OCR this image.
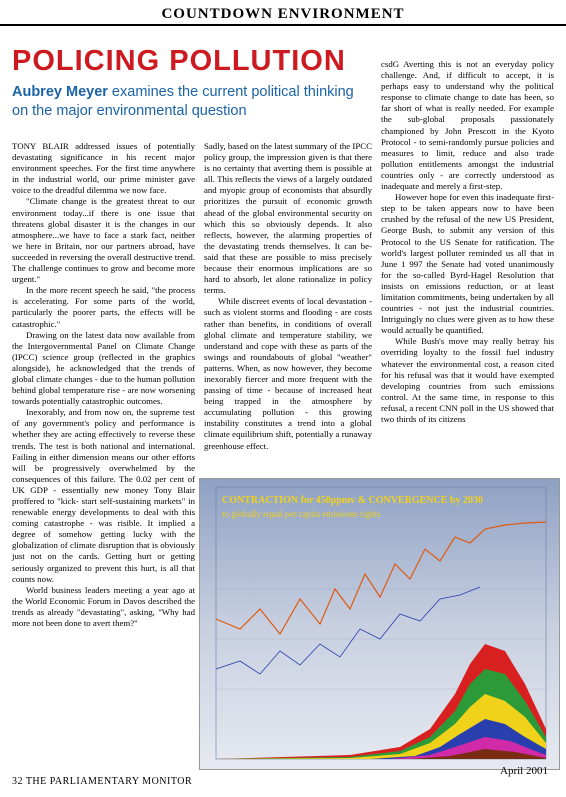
COUNTDOWN ENVIRONMENT
POLICING POLLUTION
Aubrey Meyer examines the current political thinking on the major environmental question

TONY BLAIR addressed issues of potentially devastating significance in his recent major environment speeches. For the first time anywhere in the industrial world, our prime minister gave voice to the dreadful dilemma we now face.

"Climate change is the greatest threat to our environment today...if there is one issue that threatens global disaster it is the changes in our atmosphere...we have to face a stark fact, neither we here in Britain, nor our partners abroad, have succeeded in reversing the overall destructive trend. The challenge continues to grow and become more urgent."

In the more recent speech he said, "the process is accelerating. For some parts of the world, particularly the poorer parts, the effects will be catastrophic."

Drawing on the latest data now available from the Intergovernmental Panel on Climate Change (IPCC) science group (reflected in the graphics alongside), he acknowledged that the trends of global climate changes - due to the human pollution behind global temperature rise - are now worsening towards potentially catastrophic outcomes.

Inexorably, and from now on, the supreme test of any government's policy and performance is whether they are acting effectively to reverse these trends. The test is both national and international. Failing in either dimension means our other efforts will be progressively overwhelmed by the consequences of this failure. The 0.02 per cent of UK GDP - essentially new money Tony Blair proffered to "kick- start self-sustaining markets" in renewable energy developments to deal with this coming catastrophe - was risible. It implied a degree of somehow getting lucky with the globalization of climate disruption that is obviously just not on the cards. Getting hurt or getting seriously organized to prevent this hurt, is all that counts now.

World business leaders meeting a year ago at the World Economic Forum in Davos described the trends as already "devastating", asking, "Why had more not been done to avert them?"

Sadly, based on the latest summary of the IPCC policy group, the impression given is that there is no certainty that averting them is possible at all. This reflects the views of a largely outdated and myopic group of economists that absurdly prioritizes the pursuit of economic growth ahead of the global environmental security on which this so obviously depends. It also reflects, however, the alarming properties of the devastating trends themselves. It can be-said that these are possible to miss precisely because their enormous implications are so hard to absorb, let alone rationalize in policy terms.

While discreet events of local devastation - such as violent storms and flooding - are costs rather than benefits, in conditions of overall global climate and temperature stability, we understand and cope with these as parts of the swings and roundabouts of global "weather" patterns. When, as now however, they become inexorably fiercer and more frequent with the passing of time - because of increased heat being trapped in the atmosphere by accumulating pollution - this growing instability constitutes a trend into a global climate equilibrium shift, potentially a runaway greenhouse effect.

csdG Averting this is not an everyday policy challenge. And, if difficult to accept, it is perhaps easy to understand why the political response to climate change to date has been, so far short of what is really needed. For example the sub-global proposals passionately championed by John Prescott in the Kyoto Protocol - to semi-randomly pursue policies and measures to limit, reduce and also trade pollution entitlements amongst the industrial countries only - are correctly understood as inadequate and merely a first-step.

However hope for even this inadequate first-step to be taken appears now to have been crushed by the refusal of the new US President, George Bush, to submit any version of this Protocol to the US Senate for ratification. The world's largest polluter reminded us all that in June 1 997 the Senate had voted unanimously for the so-called Byrd-Hagel Resolution that insists on emissions reduction, or at least limitation commitments, being undertaken by all countries - not just the industrial countries. Intriguingly no clues were given as to how these would actually be quantified.

While Bush's move may really betray his overriding loyalty to the fossil fuel industry whatever the environmental cost, a reason cited for his refusal was that it would have exempted developing countries from such emissions control. At the same time, in response to this refusal, a recent CNN poll in the US showed that two thirds of its citizens

CONTRACTION for 450ppmv & CONVERGENCE by 2030
to globally equal per capita emissions rights
32 THE PARLIAMENTARY MONITOR
April 2001
